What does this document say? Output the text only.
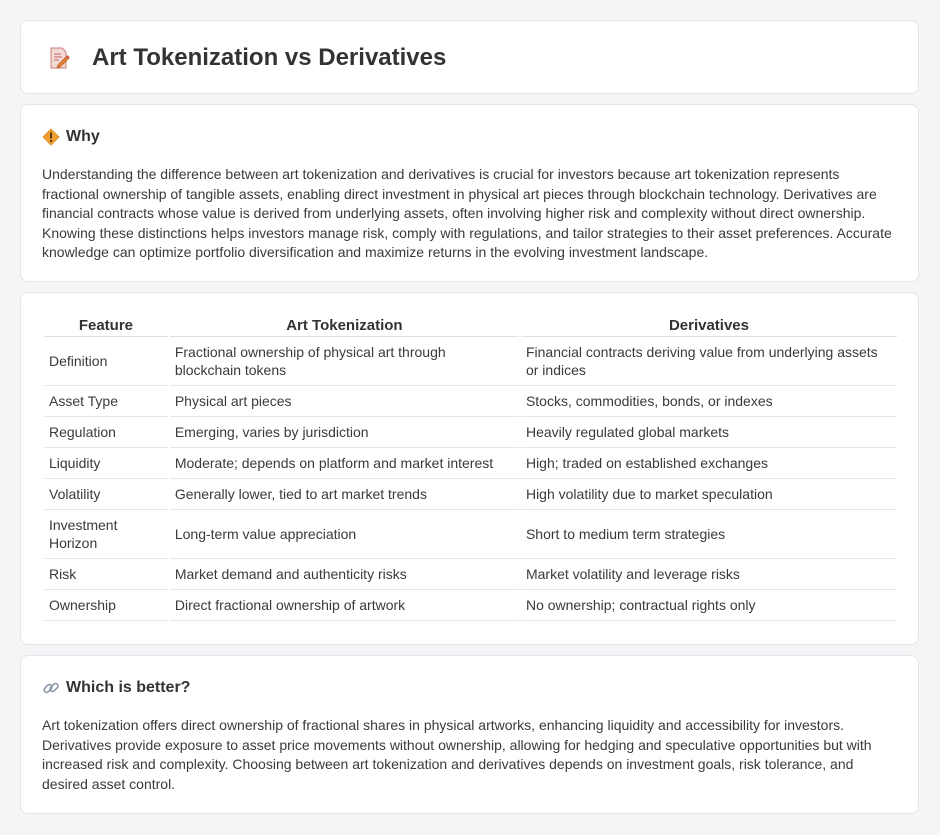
Art Tokenization vs Derivatives
Why

Understanding the difference between art tokenization and derivatives is crucial for investors because art tokenization represents fractional ownership of tangible assets, enabling direct investment in physical art pieces through blockchain technology. Derivatives are financial contracts whose value is derived from underlying assets, often involving higher risk and complexity without direct ownership. Knowing these distinctions helps investors manage risk, comply with regulations, and tailor strategies to their asset preferences. Accurate knowledge can optimize portfolio diversification and maximize returns in the evolving investment landscape.

Feature	Art Tokenization	Derivatives
Definition	Fractional ownership of physical art through blockchain tokens	Financial contracts deriving value from underlying assets or indices
Asset Type	Physical art pieces	Stocks, commodities, bonds, or indexes
Regulation	Emerging, varies by jurisdiction	Heavily regulated global markets
Liquidity	Moderate; depends on platform and market interest	High; traded on established exchanges
Volatility	Generally lower, tied to art market trends	High volatility due to market speculation
Investment Horizon	Long-term value appreciation	Short to medium term strategies
Risk	Market demand and authenticity risks	Market volatility and leverage risks
Ownership	Direct fractional ownership of artwork	No ownership; contractual rights only
Which is better?

Art tokenization offers direct ownership of fractional shares in physical artworks, enhancing liquidity and accessibility for investors. Derivatives provide exposure to asset price movements without ownership, allowing for hedging and speculative opportunities but with increased risk and complexity. Choosing between art tokenization and derivatives depends on investment goals, risk tolerance, and desired asset control.
